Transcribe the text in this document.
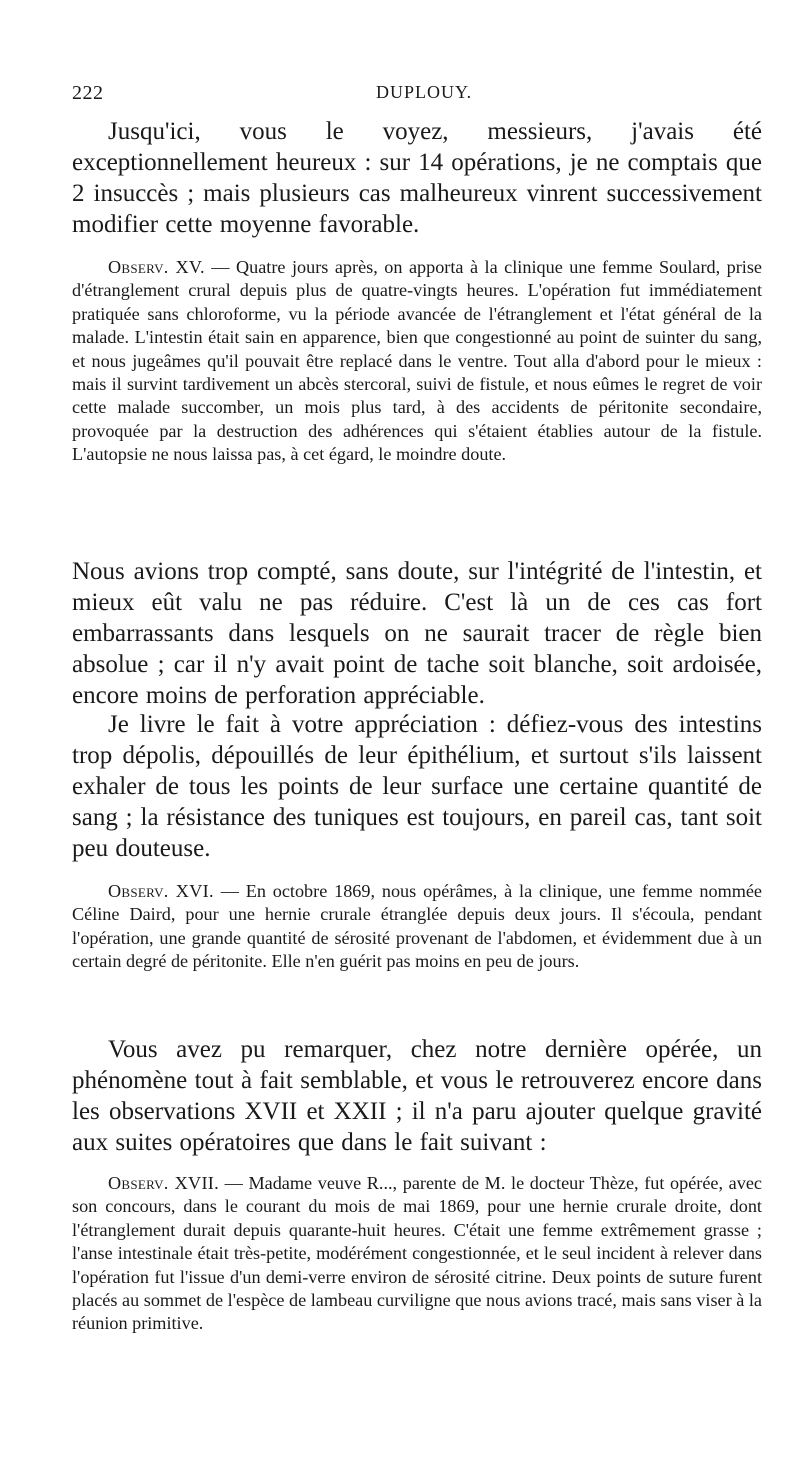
222	DUPLOUY.

Jusqu'ici, vous le voyez, messieurs, j'avais été exceptionnellement heureux : sur 14 opérations, je ne comptais que 2 insuccès ; mais plusieurs cas malheureux vinrent successivement modifier cette moyenne favorable.

Observ. XV. — Quatre jours après, on apporta à la clinique une femme Soulard, prise d'étranglement crural depuis plus de quatre-vingts heures. L'opération fut immédiatement pratiquée sans chloroforme, vu la période avancée de l'étranglement et l'état général de la malade. L'intestin était sain en apparence, bien que congestionné au point de suinter du sang, et nous jugeâmes qu'il pouvait être replacé dans le ventre. Tout alla d'abord pour le mieux : mais il survint tardivement un abcès stercoral, suivi de fistule, et nous eûmes le regret de voir cette malade succomber, un mois plus tard, à des accidents de péritonite secondaire, provoquée par la destruction des adhérences qui s'étaient établies autour de la fistule. L'autopsie ne nous laissa pas, à cet égard, le moindre doute.

Nous avions trop compté, sans doute, sur l'intégrité de l'intestin, et mieux eût valu ne pas réduire. C'est là un de ces cas fort embarrassants dans lesquels on ne saurait tracer de règle bien absolue ; car il n'y avait point de tache soit blanche, soit ardoisée, encore moins de perforation appréciable.

Je livre le fait à votre appréciation : défiez-vous des intestins trop dépolis, dépouillés de leur épithélium, et surtout s'ils laissent exhaler de tous les points de leur surface une certaine quantité de sang ; la résistance des tuniques est toujours, en pareil cas, tant soit peu douteuse.

Observ. XVI. — En octobre 1869, nous opérâmes, à la clinique, une femme nommée Céline Daird, pour une hernie crurale étranglée depuis deux jours. Il s'écoula, pendant l'opération, une grande quantité de sérosité provenant de l'abdomen, et évidemment due à un certain degré de péritonite. Elle n'en guérit pas moins en peu de jours.

Vous avez pu remarquer, chez notre dernière opérée, un phénomène tout à fait semblable, et vous le retrouverez encore dans les observations XVII et XXII ; il n'a paru ajouter quelque gravité aux suites opératoires que dans le fait suivant :

Observ. XVII. — Madame veuve R..., parente de M. le docteur Thèze, fut opérée, avec son concours, dans le courant du mois de mai 1869, pour une hernie crurale droite, dont l'étranglement durait depuis quarante-huit heures. C'était une femme extrêmement grasse ; l'anse intestinale était très-petite, modérément congestionnée, et le seul incident à relever dans l'opération fut l'issue d'un demi-verre environ de sérosité citrine. Deux points de suture furent placés au sommet de l'espèce de lambeau curviligne que nous avions tracé, mais sans viser à la réunion primitive.
